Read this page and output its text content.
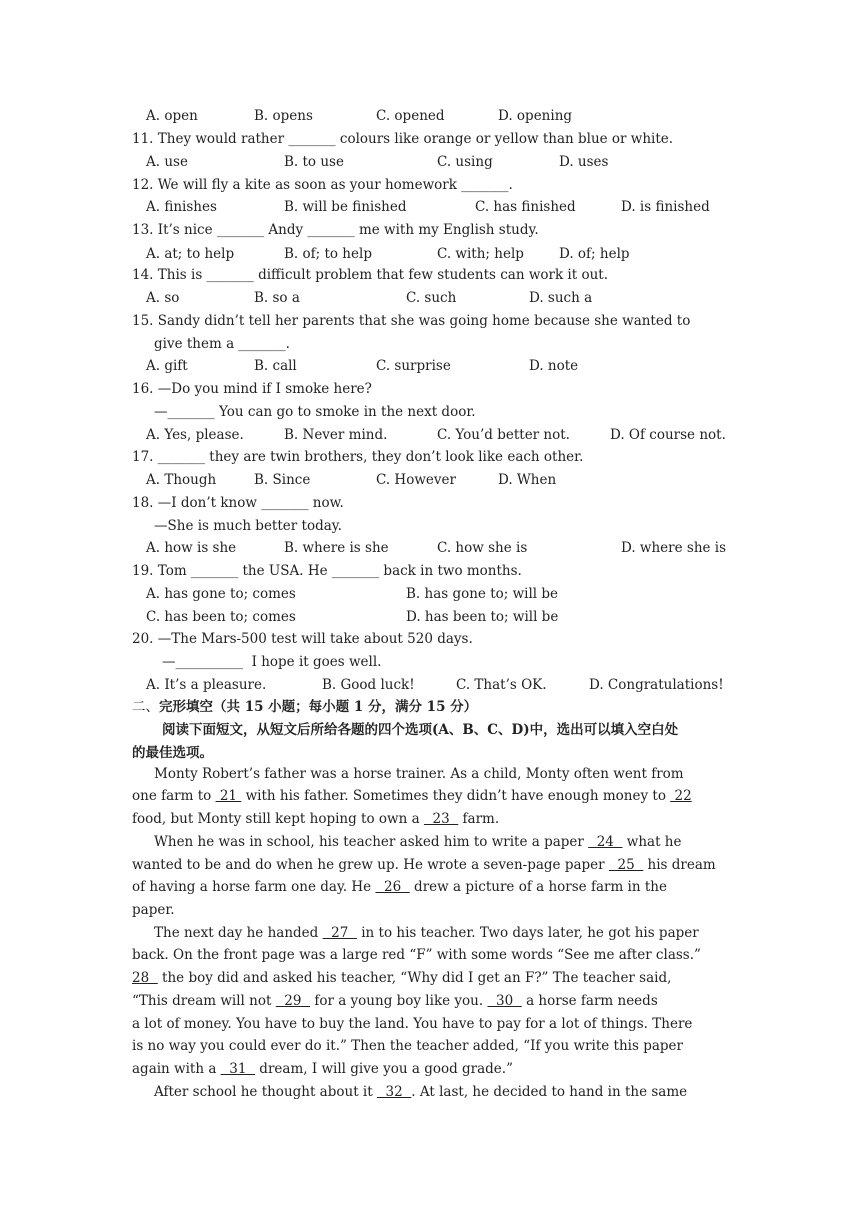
A. open	B. opens	C. opened	D. opening
11. They would rather _______ colours like orange or yellow than blue or white.
A. use	B. to use	C. using	D. uses
12. We will fly a kite as soon as your homework _______.
A. finishes	B. will be finished	C. has finished	D. is finished
13. It’s nice _______ Andy _______ me with my English study.
A. at; to help	B. of; to help	C. with; help	D. of; help
14. This is _______ difficult problem that few students can work it out.
A. so	B. so a	C. such	D. such a
15. Sandy didn’t tell her parents that she was going home because she wanted to
give them a _______.
A. gift	B. call	C. surprise	D. note
16. —Do you mind if I smoke here?
—_______ You can go to smoke in the next door.
A. Yes, please.	B. Never mind.	C. You’d better not.	D. Of course not.
17. _______ they are twin brothers, they don’t look like each other.
A. Though	B. Since	C. However	D. When
18. —I don’t know _______ now.
—She is much better today.
A. how is she	B. where is she	C. how she is	D. where she is
19. Tom _______ the USA. He _______ back in two months.
A. has gone to; comes	B. has gone to; will be
C. has been to; comes	D. has been to; will be
20. —The Mars-500 test will take about 520 days.
—__________  I hope it goes well.
A. It’s a pleasure.	B. Good luck!	C. That’s OK.	D. Congratulations!
二、完形填空（共 15 小题；每小题 1 分，满分 15 分）
阅读下面短文，从短文后所给各题的四个选项(A、B、C、D)中，选出可以填入空白处
的最佳选项。
Monty Robert’s father was a horse trainer. As a child, Monty often went from
one farm to  21  with his father. Sometimes they didn’t have enough money to  22
food, but Monty still kept hoping to own a   23   farm.
When he was in school, his teacher asked him to write a paper   24   what he
wanted to be and do when he grew up. He wrote a seven-page paper   25   his dream
of having a horse farm one day. He   26   drew a picture of a horse farm in the
paper.
The next day he handed   27   in to his teacher. Two days later, he got his paper
back. On the front page was a large red “F” with some words “See me after class.”
28   the boy did and asked his teacher, “Why did I get an F?” The teacher said,
“This dream will not   29   for a young boy like you.   30   a horse farm needs
a lot of money. You have to buy the land. You have to pay for a lot of things. There
is no way you could ever do it.” Then the teacher added, “If you write this paper
again with a   31   dream, I will give you a good grade.”
After school he thought about it   32  . At last, he decided to hand in the same
